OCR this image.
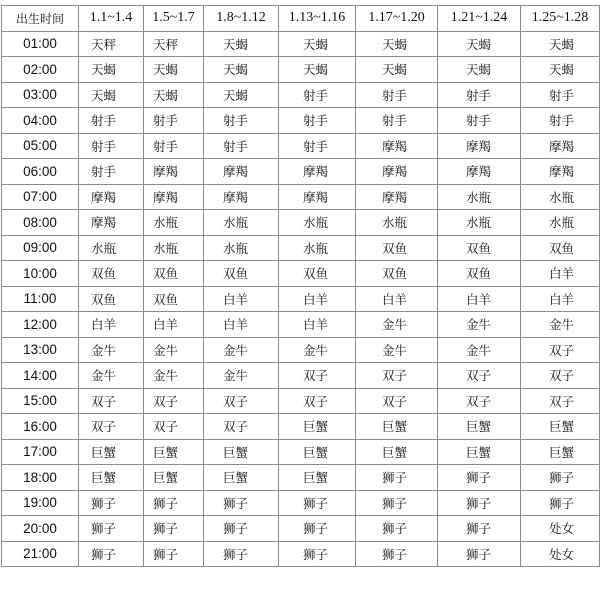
出生时间	1.1~1.4	1.5~1.7	1.8~1.12	1.13~1.16	1.17~1.20	1.21~1.24	1.25~1.28
01:00	天秤	天秤	天蝎	天蝎	天蝎	天蝎	天蝎
02:00	天蝎	天蝎	天蝎	天蝎	天蝎	天蝎	天蝎
03:00	天蝎	天蝎	天蝎	射手	射手	射手	射手
04:00	射手	射手	射手	射手	射手	射手	射手
05:00	射手	射手	射手	射手	摩羯	摩羯	摩羯
06:00	射手	摩羯	摩羯	摩羯	摩羯	摩羯	摩羯
07:00	摩羯	摩羯	摩羯	摩羯	摩羯	水瓶	水瓶
08:00	摩羯	水瓶	水瓶	水瓶	水瓶	水瓶	水瓶
09:00	水瓶	水瓶	水瓶	水瓶	双鱼	双鱼	双鱼
10:00	双鱼	双鱼	双鱼	双鱼	双鱼	双鱼	白羊
11:00	双鱼	双鱼	白羊	白羊	白羊	白羊	白羊
12:00	白羊	白羊	白羊	白羊	金牛	金牛	金牛
13:00	金牛	金牛	金牛	金牛	金牛	金牛	双子
14:00	金牛	金牛	金牛	双子	双子	双子	双子
15:00	双子	双子	双子	双子	双子	双子	双子
16:00	双子	双子	双子	巨蟹	巨蟹	巨蟹	巨蟹
17:00	巨蟹	巨蟹	巨蟹	巨蟹	巨蟹	巨蟹	巨蟹
18:00	巨蟹	巨蟹	巨蟹	巨蟹	狮子	狮子	狮子
19:00	狮子	狮子	狮子	狮子	狮子	狮子	狮子
20:00	狮子	狮子	狮子	狮子	狮子	狮子	处女
21:00	狮子	狮子	狮子	狮子	狮子	狮子	处女
